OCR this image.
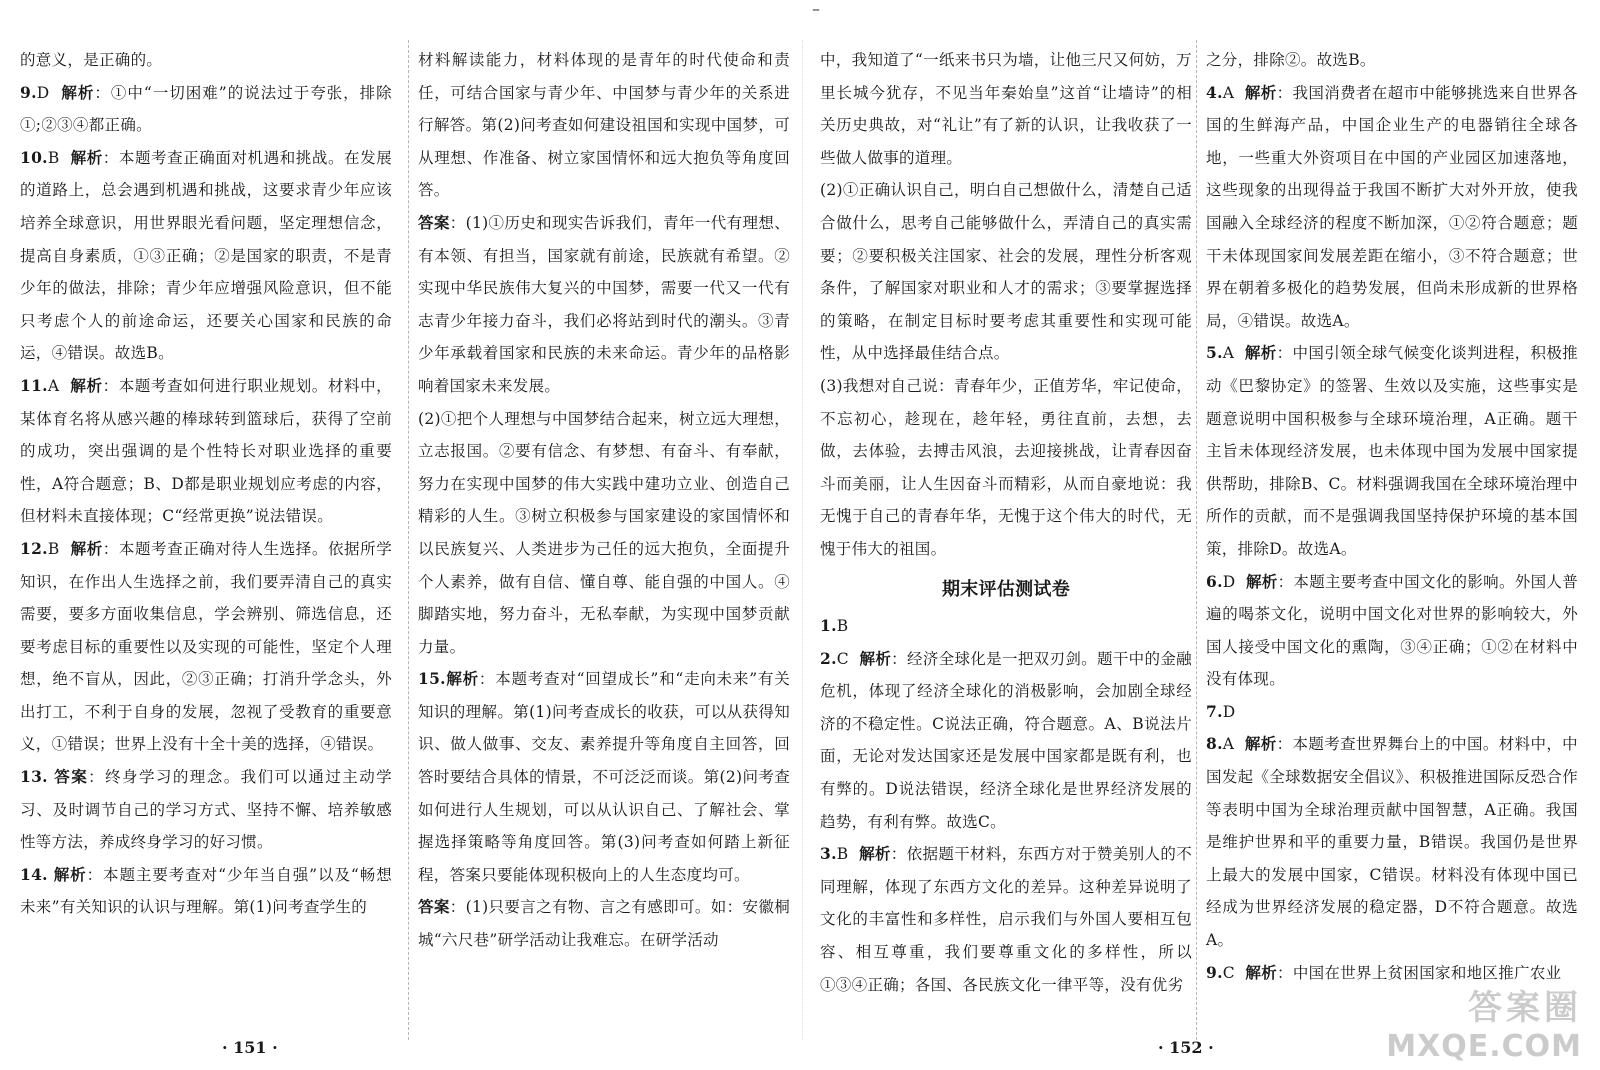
–

的意义，是正确的。

9.D 解析：①中“一切困难”的说法过于夸张，排除①;②③④都正确。

10.B 解析：本题考查正确面对机遇和挑战。在发展的道路上，总会遇到机遇和挑战，这要求青少年应该培养全球意识，用世界眼光看问题，坚定理想信念，提高自身素质，①③正确；②是国家的职责，不是青少年的做法，排除；青少年应增强风险意识，但不能只考虑个人的前途命运，还要关心国家和民族的命运，④错误。故选B。

11.A 解析：本题考查如何进行职业规划。材料中，某体育名将从感兴趣的棒球转到篮球后，获得了空前的成功，突出强调的是个性特长对职业选择的重要性，A符合题意；B、D都是职业规划应考虑的内容，但材料未直接体现；C“经常更换”说法错误。

12.B 解析：本题考查正确对待人生选择。依据所学知识，在作出人生选择之前，我们要弄清自己的真实需要，要多方面收集信息，学会辨别、筛选信息，还要考虑目标的重要性以及实现的可能性，坚定个人理想，绝不盲从，因此，②③正确；打消升学念头，外出打工，不利于自身的发展，忽视了受教育的重要意义，①错误；世界上没有十全十美的选择，④错误。

13. 答案：终身学习的理念。我们可以通过主动学习、及时调节自己的学习方式、坚持不懈、培养敏感性等方法，养成终身学习的好习惯。

14. 解析：本题主要考查对“少年当自强”以及“畅想未来”有关知识的认识与理解。第(1)问考查学生的

材料解读能力，材料体现的是青年的时代使命和责任，可结合国家与青少年、中国梦与青少年的关系进行解答。第(2)问考查如何建设祖国和实现中国梦，可从理想、作准备、树立家国情怀和远大抱负等角度回答。

答案：(1)①历史和现实告诉我们，青年一代有理想、有本领、有担当，国家就有前途，民族就有希望。②实现中华民族伟大复兴的中国梦，需要一代又一代有志青少年接力奋斗，我们必将站到时代的潮头。③青少年承载着国家和民族的未来命运。青少年的品格影响着国家未来发展。

(2)①把个人理想与中国梦结合起来，树立远大理想，立志报国。②要有信念、有梦想、有奋斗、有奉献，努力在实现中国梦的伟大实践中建功立业、创造自己精彩的人生。③树立积极参与国家建设的家国情怀和以民族复兴、人类进步为己任的远大抱负，全面提升个人素养，做有自信、懂自尊、能自强的中国人。④脚踏实地，努力奋斗，无私奉献，为实现中国梦贡献力量。

15.解析：本题考查对“回望成长”和“走向未来”有关知识的理解。第(1)问考查成长的收获，可以从获得知识、做人做事、交友、素养提升等角度自主回答，回答时要结合具体的情景，不可泛泛而谈。第(2)问考查如何进行人生规划，可以从认识自己、了解社会、掌握选择策略等角度回答。第(3)问考查如何踏上新征程，答案只要能体现积极向上的人生态度均可。

答案：(1)只要言之有物、言之有感即可。如：安徽桐城“六尺巷”研学活动让我难忘。在研学活动

中，我知道了“一纸来书只为墙，让他三尺又何妨，万里长城今犹存，不见当年秦始皇”这首“让墙诗”的相关历史典故，对“礼让”有了新的认识，让我收获了一些做人做事的道理。

(2)①正确认识自己，明白自己想做什么，清楚自己适合做什么，思考自己能够做什么，弄清自己的真实需要；②要积极关注国家、社会的发展，理性分析客观条件，了解国家对职业和人才的需求；③要掌握选择的策略，在制定目标时要考虑其重要性和实现可能性，从中选择最佳结合点。

(3)我想对自己说：青春年少，正值芳华，牢记使命，不忘初心，趁现在，趁年轻，勇往直前，去想，去做，去体验，去搏击风浪，去迎接挑战，让青春因奋斗而美丽，让人生因奋斗而精彩，从而自豪地说：我无愧于自己的青春年华，无愧于这个伟大的时代，无愧于伟大的祖国。

期末评估测试卷

1.B

2.C 解析：经济全球化是一把双刃剑。题干中的金融危机，体现了经济全球化的消极影响，会加剧全球经济的不稳定性。C说法正确，符合题意。A、B说法片面，无论对发达国家还是发展中国家都是既有利，也有弊的。D说法错误，经济全球化是世界经济发展的趋势，有利有弊。故选C。

3.B 解析：依据题干材料，东西方对于赞美别人的不同理解，体现了东西方文化的差异。这种差异说明了文化的丰富性和多样性，启示我们与外国人要相互包容、相互尊重，我们要尊重文化的多样性，所以①③④正确；各国、各民族文化一律平等，没有优劣

之分，排除②。故选B。

4.A 解析：我国消费者在超市中能够挑选来自世界各国的生鲜海产品，中国企业生产的电器销往全球各地，一些重大外资项目在中国的产业园区加速落地，这些现象的出现得益于我国不断扩大对外开放，使我国融入全球经济的程度不断加深，①②符合题意；题干未体现国家间发展差距在缩小，③不符合题意；世界在朝着多极化的趋势发展，但尚未形成新的世界格局，④错误。故选A。

5.A 解析：中国引领全球气候变化谈判进程，积极推动《巴黎协定》的签署、生效以及实施，这些事实是题意说明中国积极参与全球环境治理，A正确。题干主旨未体现经济发展，也未体现中国为发展中国家提供帮助，排除B、C。材料强调我国在全球环境治理中所作的贡献，而不是强调我国坚持保护环境的基本国策，排除D。故选A。

6.D 解析：本题主要考查中国文化的影响。外国人普遍的喝茶文化，说明中国文化对世界的影响较大，外国人接受中国文化的熏陶，③④正确；①②在材料中没有体现。

7.D

8.A 解析：本题考查世界舞台上的中国。材料中，中国发起《全球数据安全倡议》、积极推进国际反恐合作等表明中国为全球治理贡献中国智慧，A正确。我国是维护世界和平的重要力量，B错误。我国仍是世界上最大的发展中国家，C错误。材料没有体现中国已经成为世界经济发展的稳定器，D不符合题意。故选A。

9.C 解析：中国在世界上贫困国家和地区推广农业

· 151 ·	· 152 ·
答案圈
MXQE.COM
